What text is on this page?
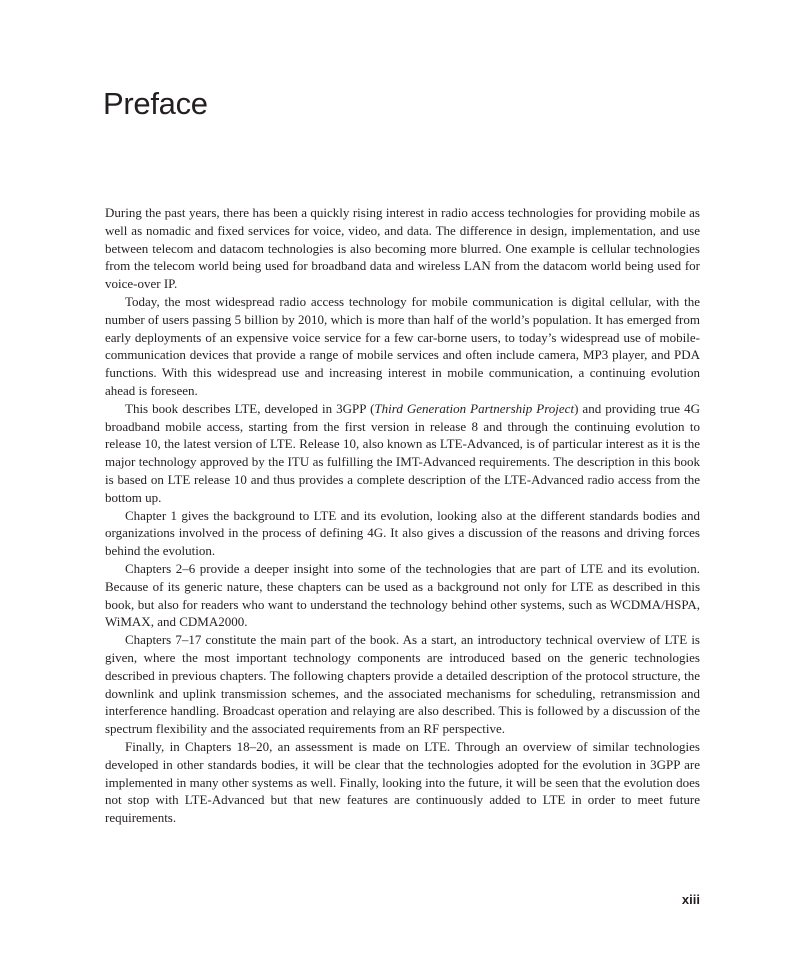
Preface

During the past years, there has been a quickly rising interest in radio access technologies for providing mobile as well as nomadic and fixed services for voice, video, and data. The difference in design, implementation, and use between telecom and datacom technologies is also becoming more blurred. One example is cellular technologies from the telecom world being used for broadband data and wireless LAN from the datacom world being used for voice-over IP.

Today, the most widespread radio access technology for mobile communication is digital cellular, with the number of users passing 5 billion by 2010, which is more than half of the world’s population. It has emerged from early deployments of an expensive voice service for a few car-borne users, to today’s widespread use of mobile-communication devices that provide a range of mobile services and often include camera, MP3 player, and PDA functions. With this widespread use and increasing interest in mobile communication, a continuing evolution ahead is foreseen.

This book describes LTE, developed in 3GPP (Third Generation Partnership Project) and providing true 4G broadband mobile access, starting from the first version in release 8 and through the continuing evolution to release 10, the latest version of LTE. Release 10, also known as LTE-Advanced, is of particular interest as it is the major technology approved by the ITU as fulfilling the IMT-Advanced requirements. The description in this book is based on LTE release 10 and thus provides a complete description of the LTE-Advanced radio access from the bottom up.

Chapter 1 gives the background to LTE and its evolution, looking also at the different standards bodies and organizations involved in the process of defining 4G. It also gives a discussion of the reasons and driving forces behind the evolution.

Chapters 2–6 provide a deeper insight into some of the technologies that are part of LTE and its evolution. Because of its generic nature, these chapters can be used as a background not only for LTE as described in this book, but also for readers who want to understand the technology behind other systems, such as WCDMA/HSPA, WiMAX, and CDMA2000.

Chapters 7–17 constitute the main part of the book. As a start, an introductory technical overview of LTE is given, where the most important technology components are introduced based on the generic technologies described in previous chapters. The following chapters provide a detailed description of the protocol structure, the downlink and uplink transmission schemes, and the associated mechanisms for scheduling, retransmission and interference handling. Broadcast operation and relaying are also described. This is followed by a discussion of the spectrum flexibility and the associated requirements from an RF perspective.

Finally, in Chapters 18–20, an assessment is made on LTE. Through an overview of similar technologies developed in other standards bodies, it will be clear that the technologies adopted for the evolution in 3GPP are implemented in many other systems as well. Finally, looking into the future, it will be seen that the evolution does not stop with LTE-Advanced but that new features are continuously added to LTE in order to meet future requirements.

xiii
